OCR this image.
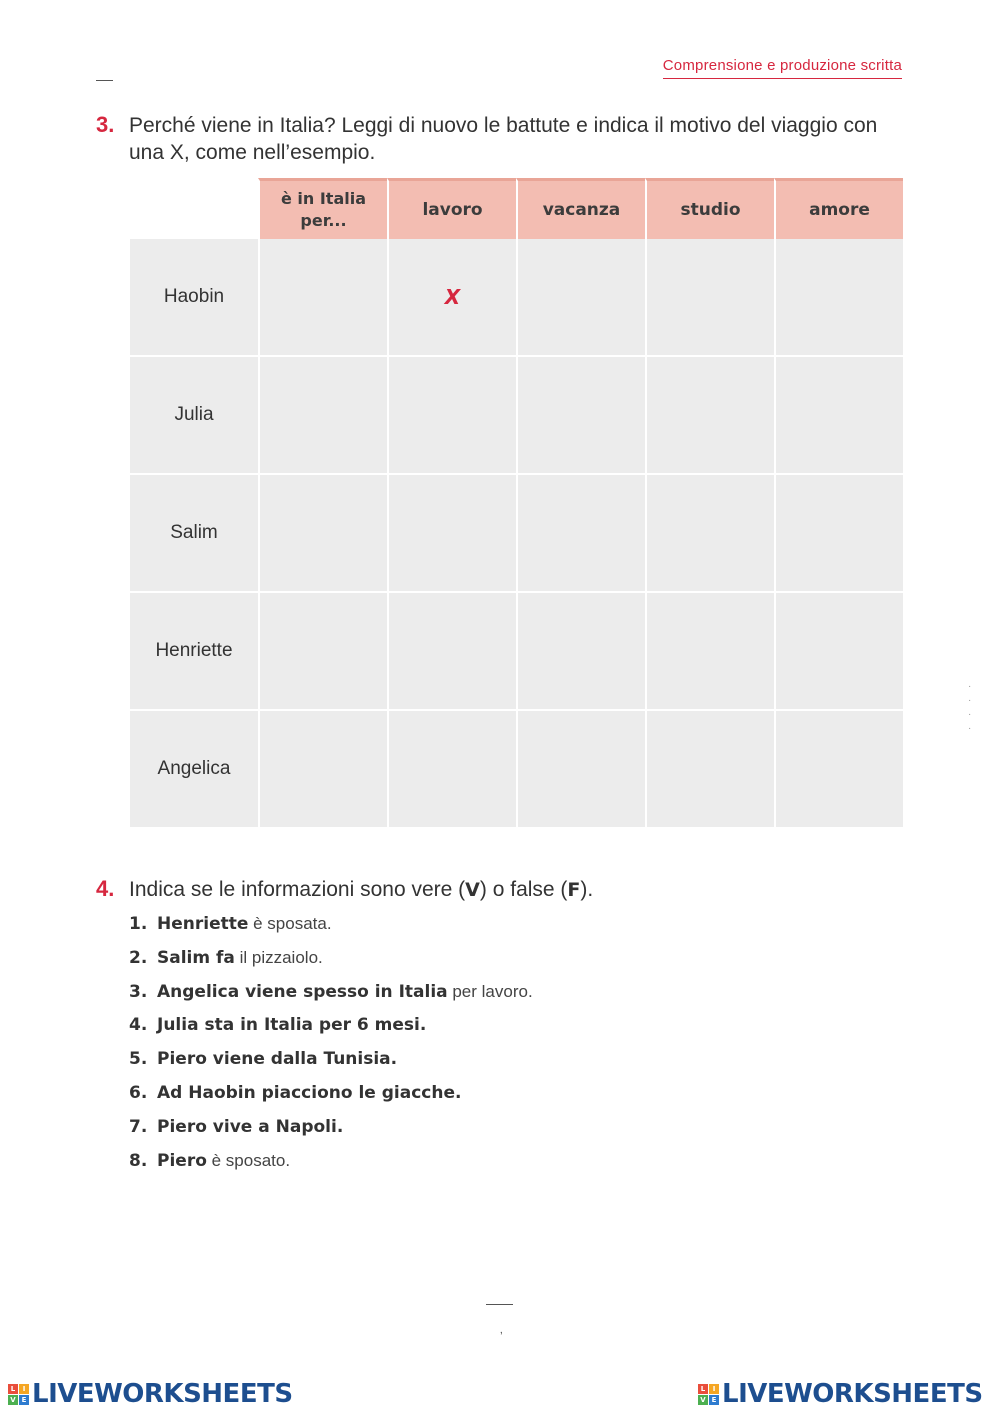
Comprensione e produzione scritta
3. Perché viene in Italia? Leggi di nuovo le battute e indica il motivo del viaggio con una X, come nell’esempio.
	è in Italia per...	lavoro	vacanza	studio	amore
Haobin		X			
Julia					
Salim					
Henriette					
Angelica					
4. Indica se le informazioni sono vere (V) o false (F).
1. Henriette è sposata.
2. Salim fa il pizzaiolo.
3. Angelica viene spesso in Italia per lavoro.
4. Julia sta in Italia per 6 mesi.
5. Piero viene dalla Tunisia.
6. Ad Haobin piacciono le giacche.
7. Piero vive a Napoli.
8. Piero è sposato.
·
·
·
·
‚
L	I
V E LIVEWORKSHEETS	L	I
V E LIVEWORKSHEETS
